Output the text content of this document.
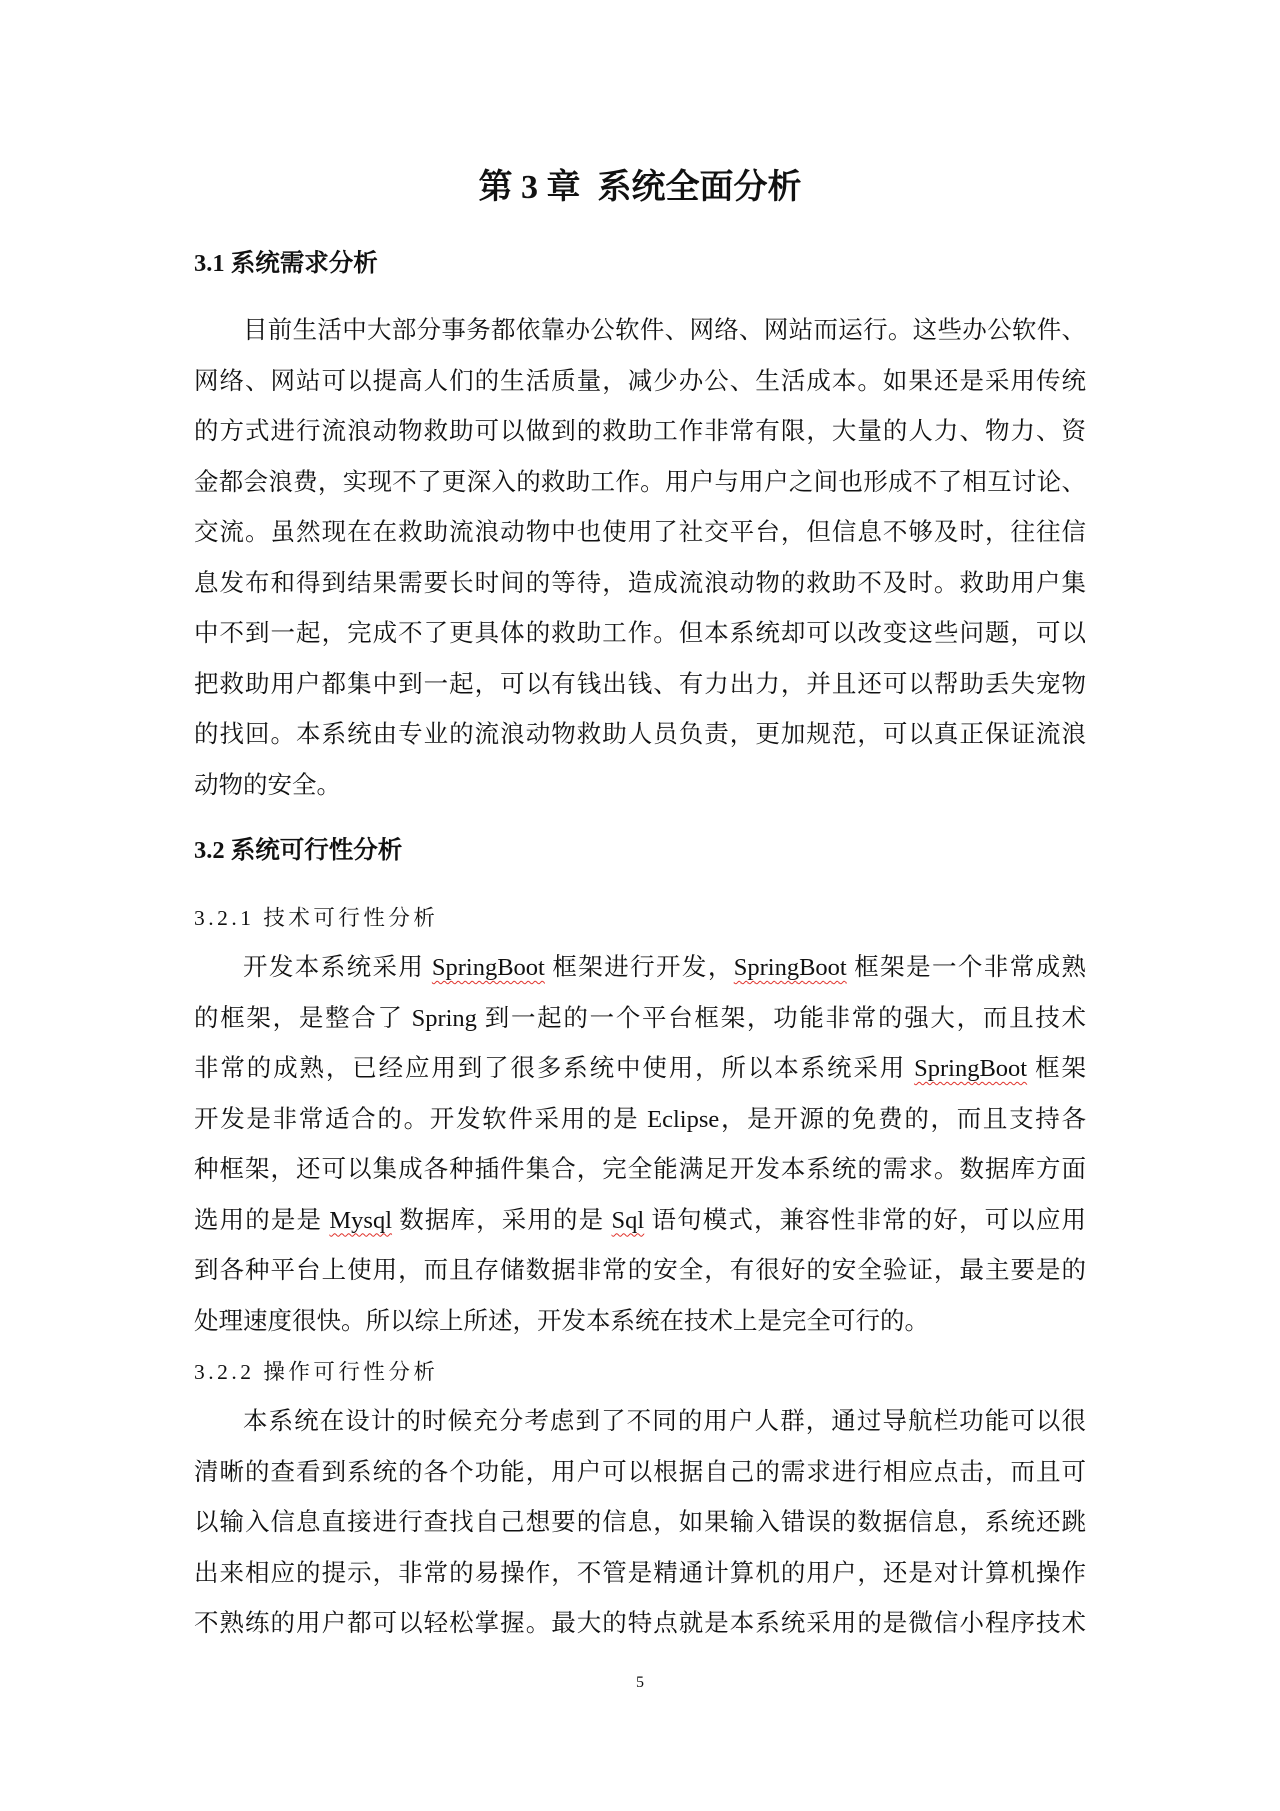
第 3 章  系统全面分析
3.1 系统需求分析
目前生活中大部分事务都依靠办公软件、网络、网站而运行。这些办公软件、
网络、网站可以提高人们的生活质量，减少办公、生活成本。如果还是采用传统
的方式进行流浪动物救助可以做到的救助工作非常有限，大量的人力、物力、资
金都会浪费，实现不了更深入的救助工作。用户与用户之间也形成不了相互讨论、
交流。虽然现在在救助流浪动物中也使用了社交平台，但信息不够及时，往往信
息发布和得到结果需要长时间的等待，造成流浪动物的救助不及时。救助用户集
中不到一起，完成不了更具体的救助工作。但本系统却可以改变这些问题，可以
把救助用户都集中到一起，可以有钱出钱、有力出力，并且还可以帮助丢失宠物
的找回。本系统由专业的流浪动物救助人员负责，更加规范，可以真正保证流浪
动物的安全。
3.2 系统可行性分析
3.2.1 技术可行性分析
开发本系统采用 SpringBoot 框架进行开发，SpringBoot 框架是一个非常成熟
的框架，是整合了 Spring 到一起的一个平台框架，功能非常的强大，而且技术
非常的成熟，已经应用到了很多系统中使用，所以本系统采用 SpringBoot 框架
开发是非常适合的。开发软件采用的是 Eclipse，是开源的免费的，而且支持各
种框架，还可以集成各种插件集合，完全能满足开发本系统的需求。数据库方面
选用的是是 Mysql 数据库，采用的是 Sql 语句模式，兼容性非常的好，可以应用
到各种平台上使用，而且存储数据非常的安全，有很好的安全验证，最主要是的
处理速度很快。所以综上所述，开发本系统在技术上是完全可行的。
3.2.2 操作可行性分析
本系统在设计的时候充分考虑到了不同的用户人群，通过导航栏功能可以很
清晰的查看到系统的各个功能，用户可以根据自己的需求进行相应点击，而且可
以输入信息直接进行查找自己想要的信息，如果输入错误的数据信息，系统还跳
出来相应的提示，非常的易操作，不管是精通计算机的用户，还是对计算机操作
不熟练的用户都可以轻松掌握。最大的特点就是本系统采用的是微信小程序技术
5
